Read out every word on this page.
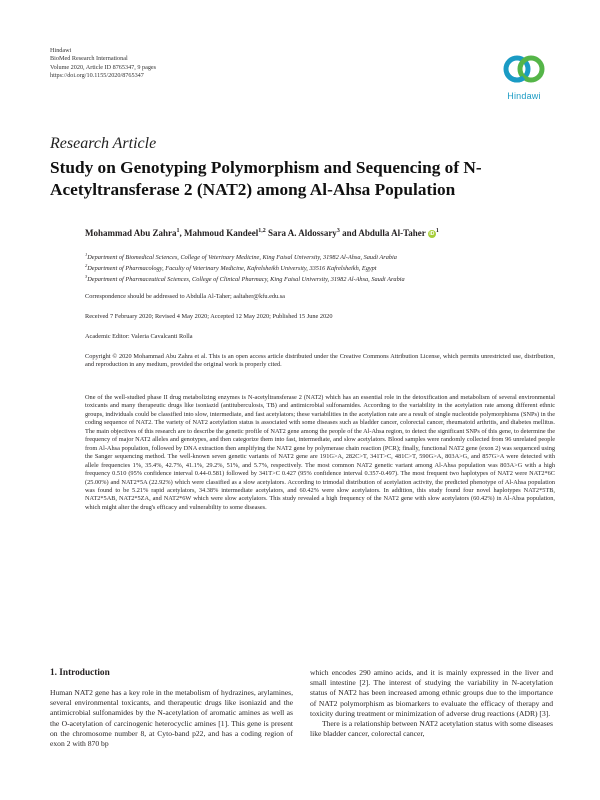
Hindawi
BioMed Research International
Volume 2020, Article ID 8765347, 9 pages
https://doi.org/10.1155/2020/8765347
Hindawi
Research Article
Study on Genotyping Polymorphism and Sequencing of N-Acetyltransferase 2 (NAT2) among Al-Ahsa Population
Mohammad Abu Zahra$^1$, Mahmoud Kandeel$^{1,2}$ Sara A. Aldossary$^3$ and Abdulla Al-Taher iD $^1$
$^1$Department of Biomedical Sciences, College of Veterinary Medicine, King Faisal University, 31982 Al-Ahsa, Saudi Arabia
$^2$Department of Pharmacology, Faculty of Veterinary Medicine, Kafrelsheikh University, 33516 Kafrelsheikh, Egypt
$^3$Department of Pharmaceutical Sciences, College of Clinical Pharmacy, King Faisal University, 31982 Al-Ahsa, Saudi Arabia
Correspondence should be addressed to Abdulla Al-Taher; aaltaher@kfu.edu.sa
Received 7 February 2020; Revised 4 May 2020; Accepted 12 May 2020; Published 15 June 2020
Academic Editor: Valeria Cavalcanti Rolla
Copyright © 2020 Mohammad Abu Zahra et al. This is an open access article distributed under the Creative Commons Attribution License, which permits unrestricted use, distribution, and reproduction in any medium, provided the original work is properly cited.
One of the well-studied phase II drug metabolizing enzymes is N-acetyltransferase 2 (NAT2) which has an essential role in the detoxification and metabolism of several environmental toxicants and many therapeutic drugs like isoniazid (antituberculosis, TB) and antimicrobial sulfonamides. According to the variability in the acetylation rate among different ethnic groups, individuals could be classified into slow, intermediate, and fast acetylators; these variabilities in the acetylation rate are a result of single nucleotide polymorphisms (SNPs) in the coding sequence of NAT2. The variety of NAT2 acetylation status is associated with some diseases such as bladder cancer, colorectal cancer, rheumatoid arthritis, and diabetes mellitus. The main objectives of this research are to describe the genetic profile of NAT2 gene among the people of the Al-Ahsa region, to detect the significant SNPs of this gene, to determine the frequency of major NAT2 alleles and genotypes, and then categorize them into fast, intermediate, and slow acetylators. Blood samples were randomly collected from 96 unrelated people from Al-Ahsa population, followed by DNA extraction then amplifying the NAT2 gene by polymerase chain reaction (PCR); finally, functional NAT2 gene (exon 2) was sequenced using the Sanger sequencing method. The well-known seven genetic variants of NAT2 gene are 191G>A, 282C>T, 341T>C, 481C>T, 590G>A, 803A>G, and 857G>A were detected with allele frequencies 1%, 35.4%, 42.7%, 41.1%, 29.2%, 51%, and 5.7%, respectively. The most common NAT2 genetic variant among Al-Ahsa population was 803A>G with a high frequency 0.510 (95% confidence interval 0.44-0.581) followed by 341T>C 0.427 (95% confidence interval 0.357-0.497). The most frequent two haplotypes of NAT2 were NAT2*6C (25.00%) and NAT2*5A (22.92%) which were classified as a slow acetylators. According to trimodal distribution of acetylation activity, the predicted phenotype of Al-Ahsa population was found to be 5.21% rapid acetylators, 34.38% intermediate acetylators, and 60.42% were slow acetylators. In addition, this study found four novel haplotypes NAT2*5TB, NAT2*5AB, NAT2*5ZA, and NAT2*6W which were slow acetylators. This study revealed a high frequency of the NAT2 gene with slow acetylators (60.42%) in Al-Ahsa population, which might alter the drug's efficacy and vulnerability to some diseases.
1. Introduction

Human NAT2 gene has a key role in the metabolism of hydrazines, arylamines, several environmental toxicants, and therapeutic drugs like isoniazid and the antimicrobial sulfonamides by the N-acetylation of aromatic amines as well as the O-acetylation of carcinogenic heterocyclic amines [1]. This gene is present on the chromosome number 8, at Cyto-band p22, and has a coding region of exon 2 with 870 bp

which encodes 290 amino acids, and it is mainly expressed in the liver and small intestine [2]. The interest of studying the variability in N-acetylation status of NAT2 has been increased among ethnic groups due to the importance of NAT2 polymorphism as biomarkers to evaluate the efficacy of therapy and toxicity during treatment or minimization of adverse drug reactions (ADR) [3].

There is a relationship between NAT2 acetylation status with some diseases like bladder cancer, colorectal cancer,
